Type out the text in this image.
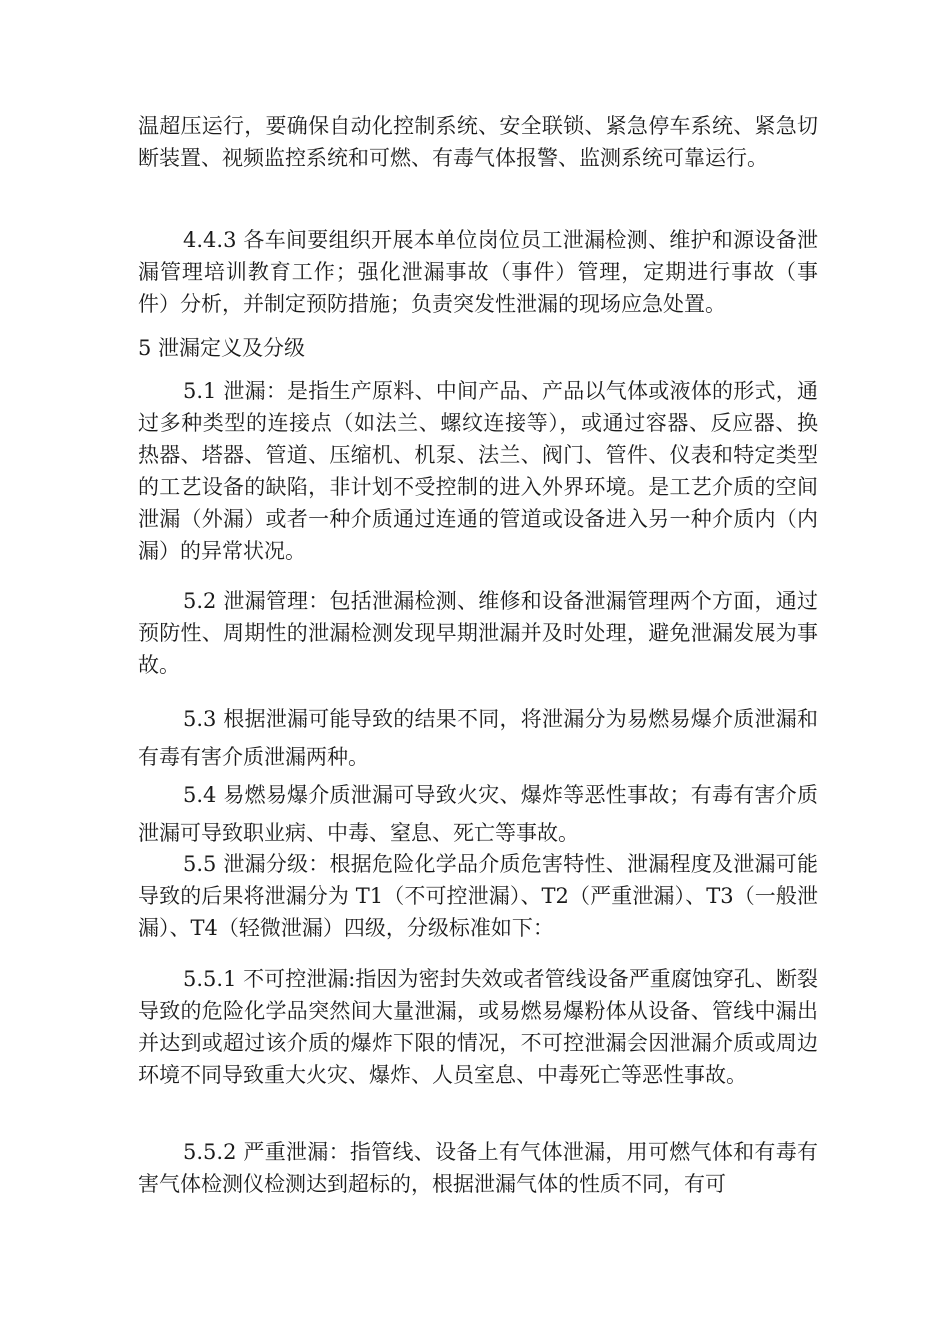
温超压运行，要确保自动化控制系统、安全联锁、紧急停车系统、紧急切断装置、视频监控系统和可燃、有毒气体报警、监测系统可靠运行。

4.4.3 各车间要组织开展本单位岗位员工泄漏检测、维护和源设备泄漏管理培训教育工作；强化泄漏事故（事件）管理，定期进行事故（事件）分析，并制定预防措施；负责突发性泄漏的现场应急处置。

5 泄漏定义及分级

5.1 泄漏：是指生产原料、中间产品、产品以气体或液体的形式，通过多种类型的连接点（如法兰、螺纹连接等），或通过容器、反应器、换热器、塔器、管道、压缩机、机泵、法兰、阀门、管件、仪表和特定类型的工艺设备的缺陷，非计划不受控制的进入外界环境。是工艺介质的空间泄漏（外漏）或者一种介质通过连通的管道或设备进入另一种介质内（内漏）的异常状况。

5.2 泄漏管理：包括泄漏检测、维修和设备泄漏管理两个方面，通过预防性、周期性的泄漏检测发现早期泄漏并及时处理，避免泄漏发展为事故。

5.3 根据泄漏可能导致的结果不同，将泄漏分为易燃易爆介质泄漏和有毒有害介质泄漏两种。

5.4 易燃易爆介质泄漏可导致火灾、爆炸等恶性事故；有毒有害介质泄漏可导致职业病、中毒、窒息、死亡等事故。

5.5 泄漏分级：根据危险化学品介质危害特性、泄漏程度及泄漏可能导致的后果将泄漏分为 T1（不可控泄漏）、T2（严重泄漏）、T3（一般泄漏）、T4（轻微泄漏）四级，分级标准如下：

5.5.1 不可控泄漏:指因为密封失效或者管线设备严重腐蚀穿孔、断裂导致的危险化学品突然间大量泄漏，或易燃易爆粉体从设备、管线中漏出并达到或超过该介质的爆炸下限的情况，不可控泄漏会因泄漏介质或周边环境不同导致重大火灾、爆炸、人员室息、中毒死亡等恶性事故。

5.5.2 严重泄漏：指管线、设备上有气体泄漏，用可燃气体和有毒有害气体检测仪检测达到超标的，根据泄漏气体的性质不同，有可
